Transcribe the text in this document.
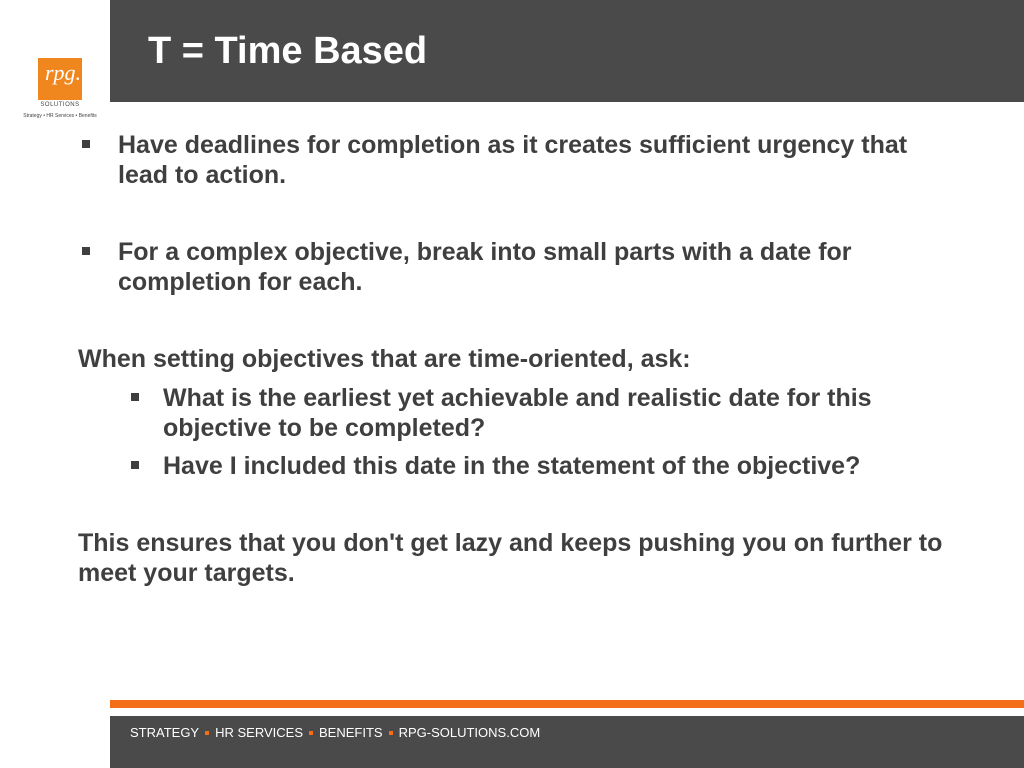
rpg.
SOLUTIONS
Strategy • HR Services • Benefits
T = Time Based
Have deadlines for completion as it creates sufficient urgency that lead to action.
For a complex objective, break into small parts with a date for completion for each.
When setting objectives that are time-oriented, ask:
What is the earliest yet achievable and realistic date for this objective to be completed?
Have I included this date in the statement of the objective?
This ensures that you don't get lazy and keeps pushing you on further to meet your targets.
STRATEGY HR SERVICES BENEFITS RPG-SOLUTIONS.COM
